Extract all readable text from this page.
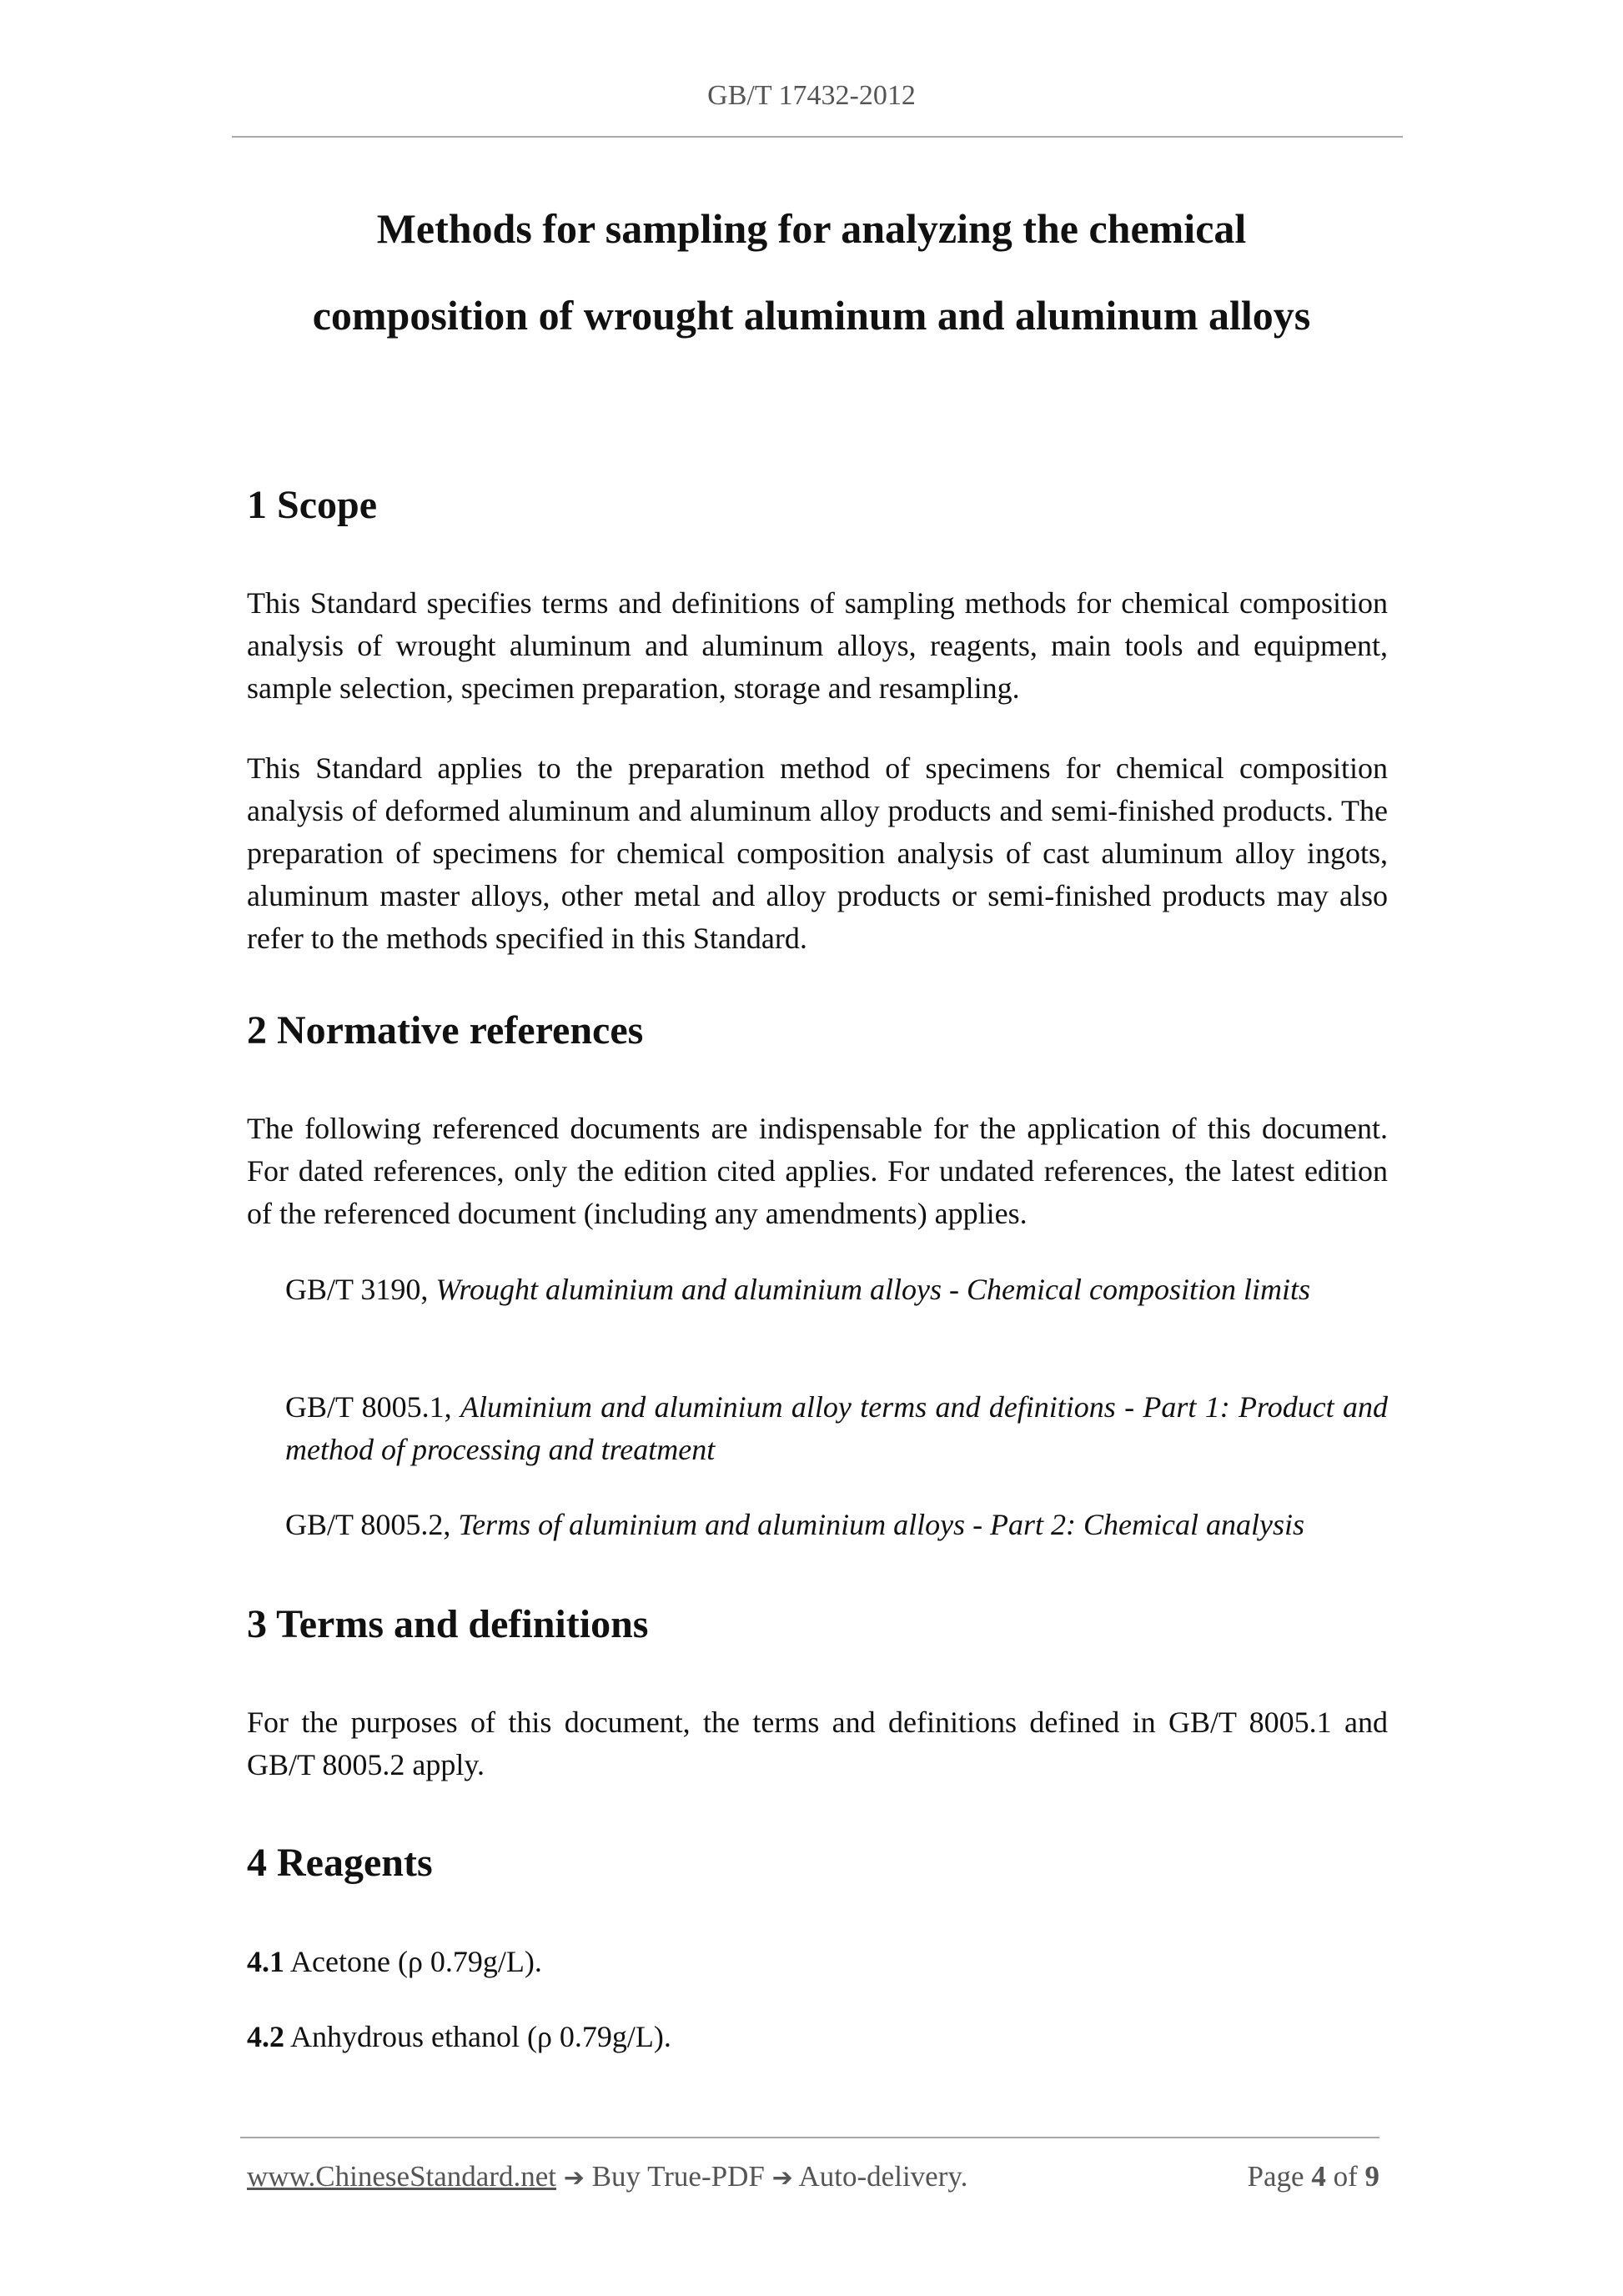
GB/T 17432-2012
Methods for sampling for analyzing the chemical
composition of wrought aluminum and aluminum alloys
1 Scope

This Standard specifies terms and definitions of sampling methods for chemical composition analysis of wrought aluminum and aluminum alloys, reagents, main tools and equipment, sample selection, specimen preparation, storage and resampling.

This Standard applies to the preparation method of specimens for chemical composition analysis of deformed aluminum and aluminum alloy products and semi-finished products. The preparation of specimens for chemical composition analysis of cast aluminum alloy ingots, aluminum master alloys, other metal and alloy products or semi-finished products may also refer to the methods specified in this Standard.

2 Normative references

The following referenced documents are indispensable for the application of this document. For dated references, only the edition cited applies. For undated references, the latest edition of the referenced document (including any amendments) applies.

GB/T 3190, Wrought aluminium and aluminium alloys - Chemical composition limits

GB/T 8005.1, Aluminium and aluminium alloy terms and definitions - Part 1: Product and method of processing and treatment

GB/T 8005.2, Terms of aluminium and aluminium alloys - Part 2: Chemical analysis

3 Terms and definitions

For the purposes of this document, the terms and definitions defined in GB/T 8005.1 and GB/T 8005.2 apply.

4 Reagents

4.1 Acetone (ρ 0.79g/L).

4.2 Anhydrous ethanol (ρ 0.79g/L).

www.ChineseStandard.net ➔ Buy True-PDF ➔ Auto-delivery.	Page 4 of 9
